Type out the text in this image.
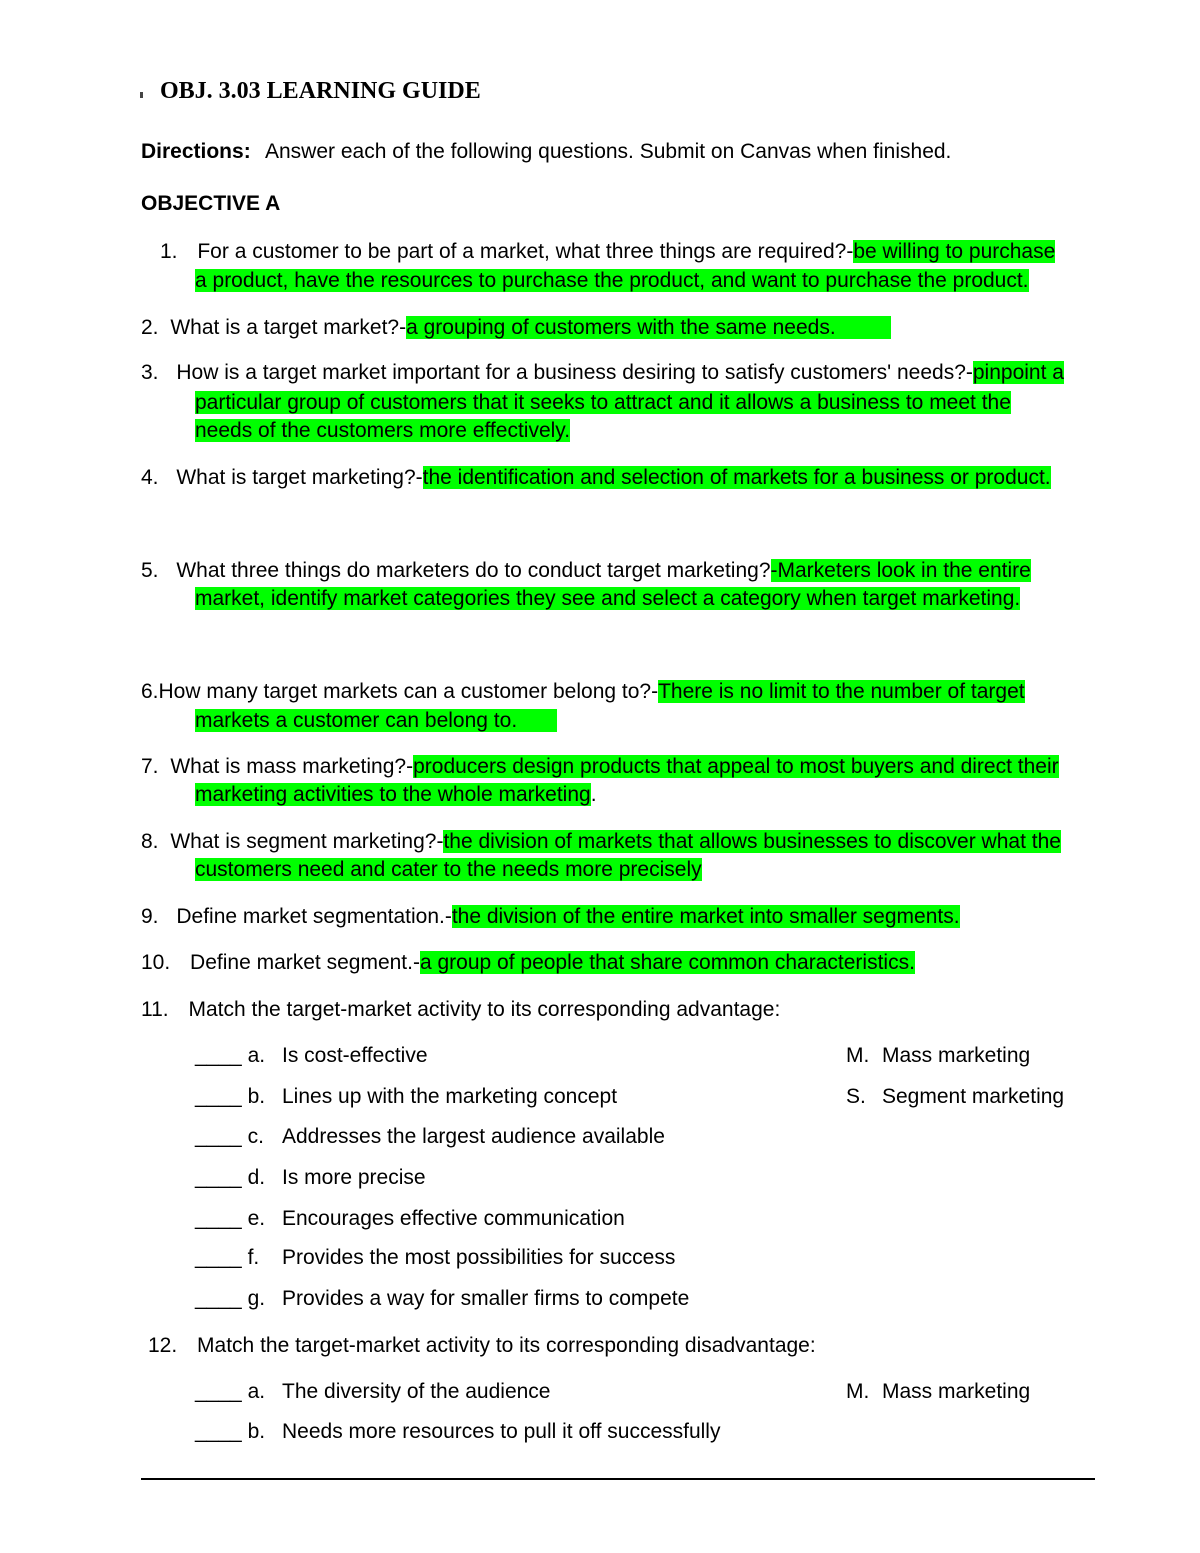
OBJ. 3.03 LEARNING GUIDE
Directions: Answer each of the following questions. Submit on Canvas when finished.
OBJECTIVE A
1. For a customer to be part of a market, what three things are required?-be willing to purchase
a product, have the resources to purchase the product, and want to purchase the product.
2. What is a target market?-a grouping of customers with the same needs.
3. How is a target market important for a business desiring to satisfy customers' needs?-pinpoint a
particular group of customers that it seeks to attract and it allows a business to meet the
needs of the customers more effectively.
4. What is target marketing?-the identification and selection of markets for a business or product.
5. What three things do marketers do to conduct target marketing?-Marketers look in the entire
market, identify market categories they see and select a category when target marketing.
6.How many target markets can a customer belong to?-There is no limit to the number of target
markets a customer can belong to.
7. What is mass marketing?-producers design products that appeal to most buyers and direct their
marketing activities to the whole marketing.
8. What is segment marketing?-the division of markets that allows businesses to discover what the
customers need and cater to the needs more precisely
9. Define market segmentation.-the division of the entire market into smaller segments.
10. Define market segment.-a group of people that share common characteristics.
11. Match the target-market activity to its corresponding advantage:
____ a. Is cost-effective	M. Mass marketing
____ b. Lines up with the marketing concept	S. Segment marketing
____ c. Addresses the largest audience available
____ d. Is more precise
____ e. Encourages effective communication
____ f. Provides the most possibilities for success
____ g. Provides a way for smaller firms to compete
12. Match the target-market activity to its corresponding disadvantage:
____ a. The diversity of the audience	M. Mass marketing
____ b. Needs more resources to pull it off successfully
